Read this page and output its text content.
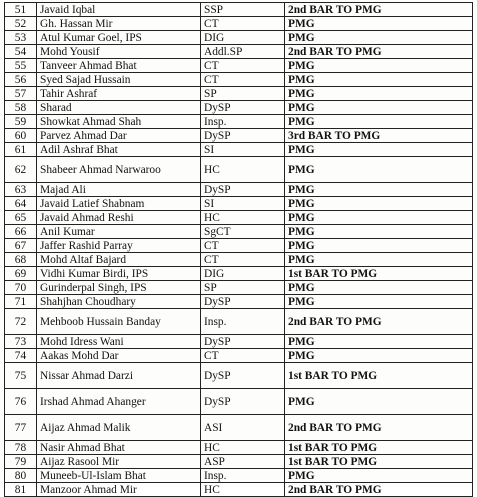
51	Javaid Iqbal	SSP	2nd BAR TO PMG
52	Gh. Hassan Mir	CT	PMG
53	Atul Kumar Goel, IPS	DIG	PMG
54	Mohd Yousif	Addl.SP	2nd BAR TO PMG
55	Tanveer Ahmad Bhat	CT	PMG
56	Syed Sajad Hussain	CT	PMG
57	Tahir Ashraf	SP	PMG
58	Sharad	DySP	PMG
59	Showkat Ahmad Shah	Insp.	PMG
60	Parvez Ahmad Dar	DySP	3rd BAR TO PMG
61	Adil Ashraf Bhat	SI	PMG
62	Shabeer Ahmad Narwaroo	HC	PMG
63	Majad Ali	DySP	PMG
64	Javaid Latief Shabnam	SI	PMG
65	Javaid Ahmad Reshi	HC	PMG
66	Anil Kumar	SgCT	PMG
67	Jaffer Rashid Parray	CT	PMG
68	Mohd Altaf Bajard	CT	PMG
69	Vidhi Kumar Birdi, IPS	DIG	1st BAR TO PMG
70	Gurinderpal Singh, IPS	SP	PMG
71	Shahjhan Choudhary	DySP	PMG
72	Mehboob Hussain Banday	Insp.	2nd BAR TO PMG
73	Mohd Idress Wani	DySP	PMG
74	Aakas Mohd Dar	CT	PMG
75	Nissar Ahmad Darzi	DySP	1st BAR TO PMG
76	Irshad Ahmad Ahanger	DySP	PMG
77	Aijaz Ahmad Malik	ASI	2nd BAR TO PMG
78	Nasir Ahmad Bhat	HC	1st BAR TO PMG
79	Aijaz Rasool Mir	ASP	1st BAR TO PMG
80	Muneeb-Ul-Islam Bhat	Insp.	PMG
81	Manzoor Ahmad Mir	HC	2nd BAR TO PMG
